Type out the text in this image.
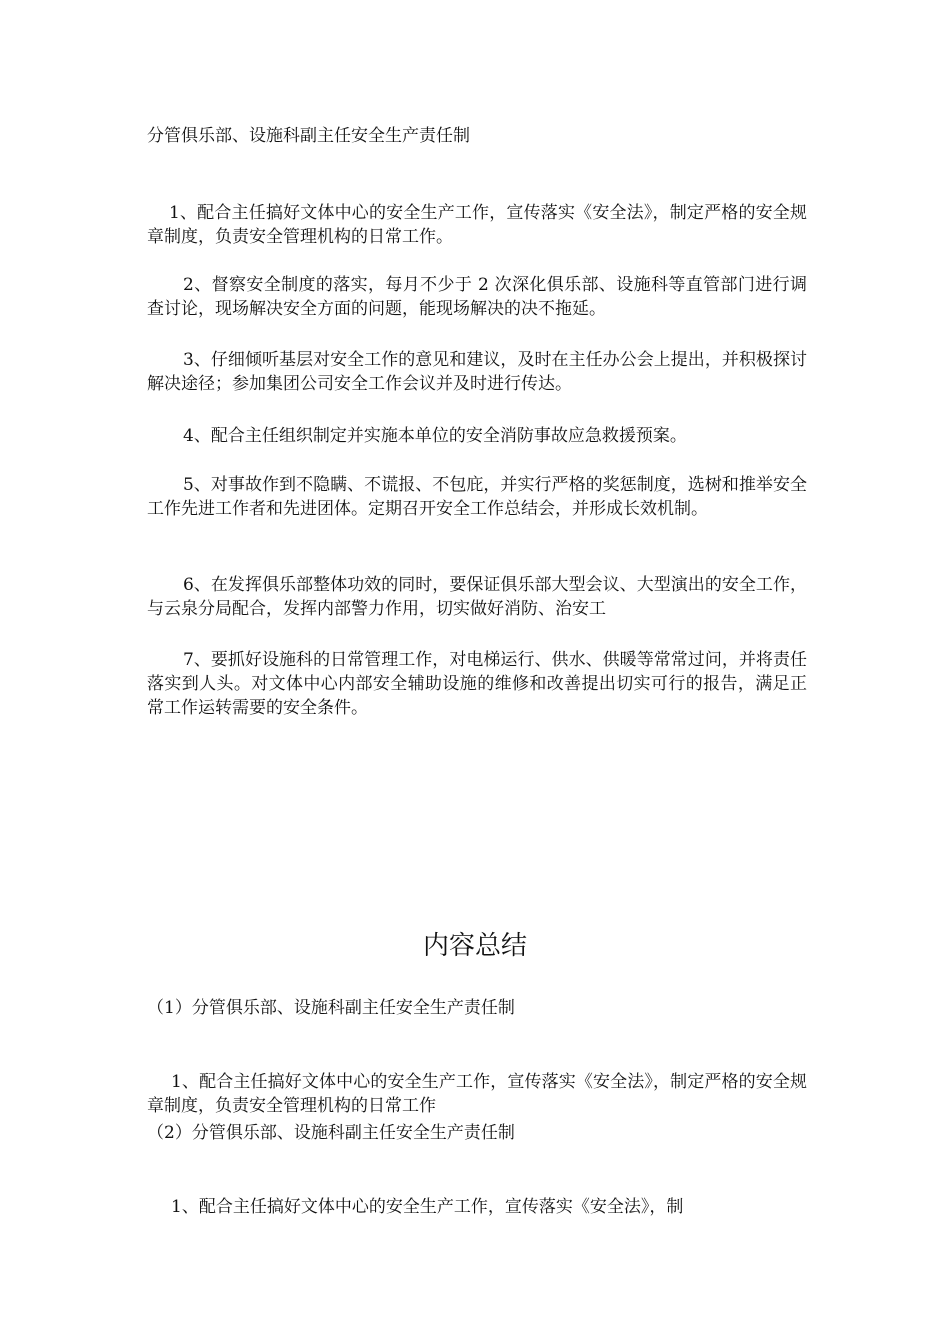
分管俱乐部、设施科副主任安全生产责任制

1、配合主任搞好文体中心的安全生产工作，宣传落实《安全法》，制定严格的安全规章制度，负责安全管理机构的日常工作。

2、督察安全制度的落实，每月不少于 2 次深化俱乐部、设施科等直管部门进行调查讨论，现场解决安全方面的问题，能现场解决的决不拖延。

3、仔细倾听基层对安全工作的意见和建议，及时在主任办公会上提出，并积极探讨解决途径；参加集团公司安全工作会议并及时进行传达。

4、配合主任组织制定并实施本单位的安全消防事故应急救援预案。

5、对事故作到不隐瞒、不谎报、不包庇，并实行严格的奖惩制度，选树和推举安全工作先进工作者和先进团体。定期召开安全工作总结会，并形成长效机制。

6、在发挥俱乐部整体功效的同时，要保证俱乐部大型会议、大型演出的安全工作，与云泉分局配合，发挥内部警力作用，切实做好消防、治安工

7、要抓好设施科的日常管理工作，对电梯运行、供水、供暖等常常过问，并将责任落实到人头。对文体中心内部安全辅助设施的维修和改善提出切实可行的报告，满足正常工作运转需要的安全条件。

内容总结
（1）分管俱乐部、设施科副主任安全生产责任制

1、配合主任搞好文体中心的安全生产工作，宣传落实《安全法》，制定严格的安全规章制度，负责安全管理机构的日常工作

（2）分管俱乐部、设施科副主任安全生产责任制

1、配合主任搞好文体中心的安全生产工作，宣传落实《安全法》，制
